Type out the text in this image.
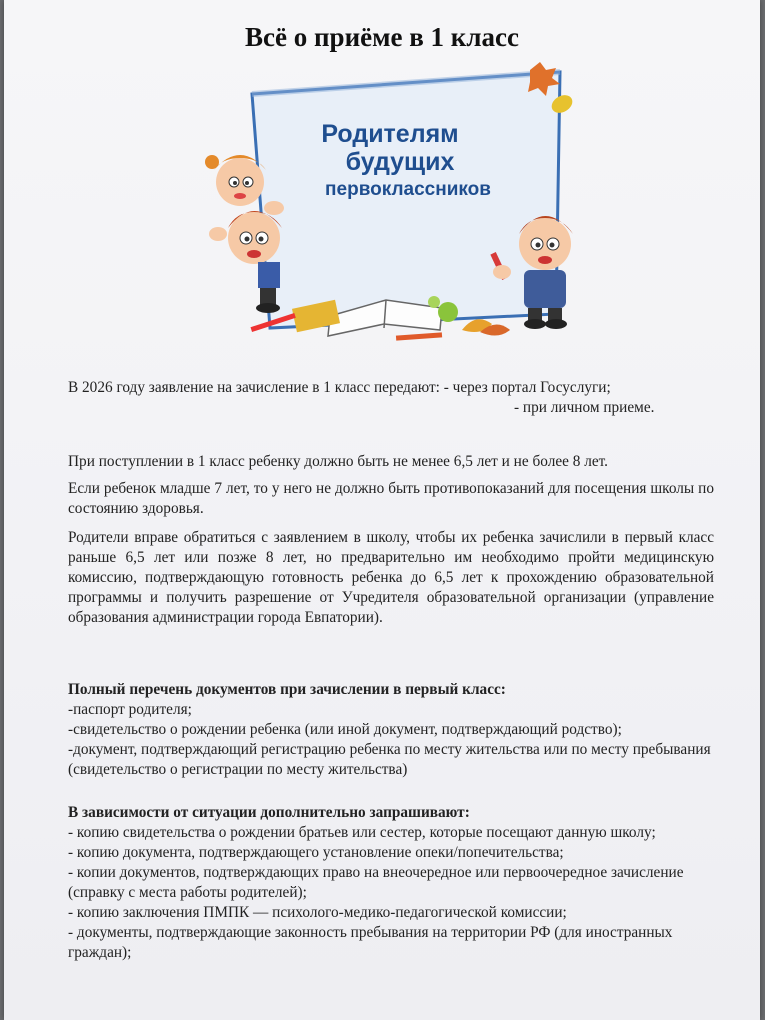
Всё о приёме в 1 класс
Родителям
будущих
первоклассников
В 2026 году заявление на зачисление в 1 класс передают: - через портал Госуслуги;
- при личном приеме.
При поступлении в 1 класс ребенку должно быть не менее 6,5 лет и не более 8 лет.
Если ребенок младше 7 лет, то у него не должно быть противопоказаний для посещения школы по состоянию здоровья.
Родители вправе обратиться с заявлением в школу, чтобы их ребенка зачислили в первый класс раньше 6,5 лет или позже 8 лет, но предварительно им необходимо пройти медицинскую комиссию, подтверждающую готовность ребенка до 6,5 лет к прохождению образовательной программы и получить разрешение от Учредителя образовательной организации (управление образования администрации города Евпатории).
Полный перечень документов при зачислении в первый класс:
-паспорт родителя;
-свидетельство о рождении ребенка (или иной документ, подтверждающий родство);
-документ, подтверждающий регистрацию ребенка по месту жительства или по месту пребывания (свидетельство о регистрации по месту жительства)
В зависимости от ситуации дополнительно запрашивают:
- копию свидетельства о рождении братьев или сестер, которые посещают данную школу;
- копию документа, подтверждающего установление опеки/попечительства;
- копии документов, подтверждающих право на внеочередное или первоочередное зачисление (справку с места работы родителей);
- копию заключения ПМПК — психолого-медико-педагогической комиссии;
- документы, подтверждающие законность пребывания на территории РФ (для иностранных граждан);
